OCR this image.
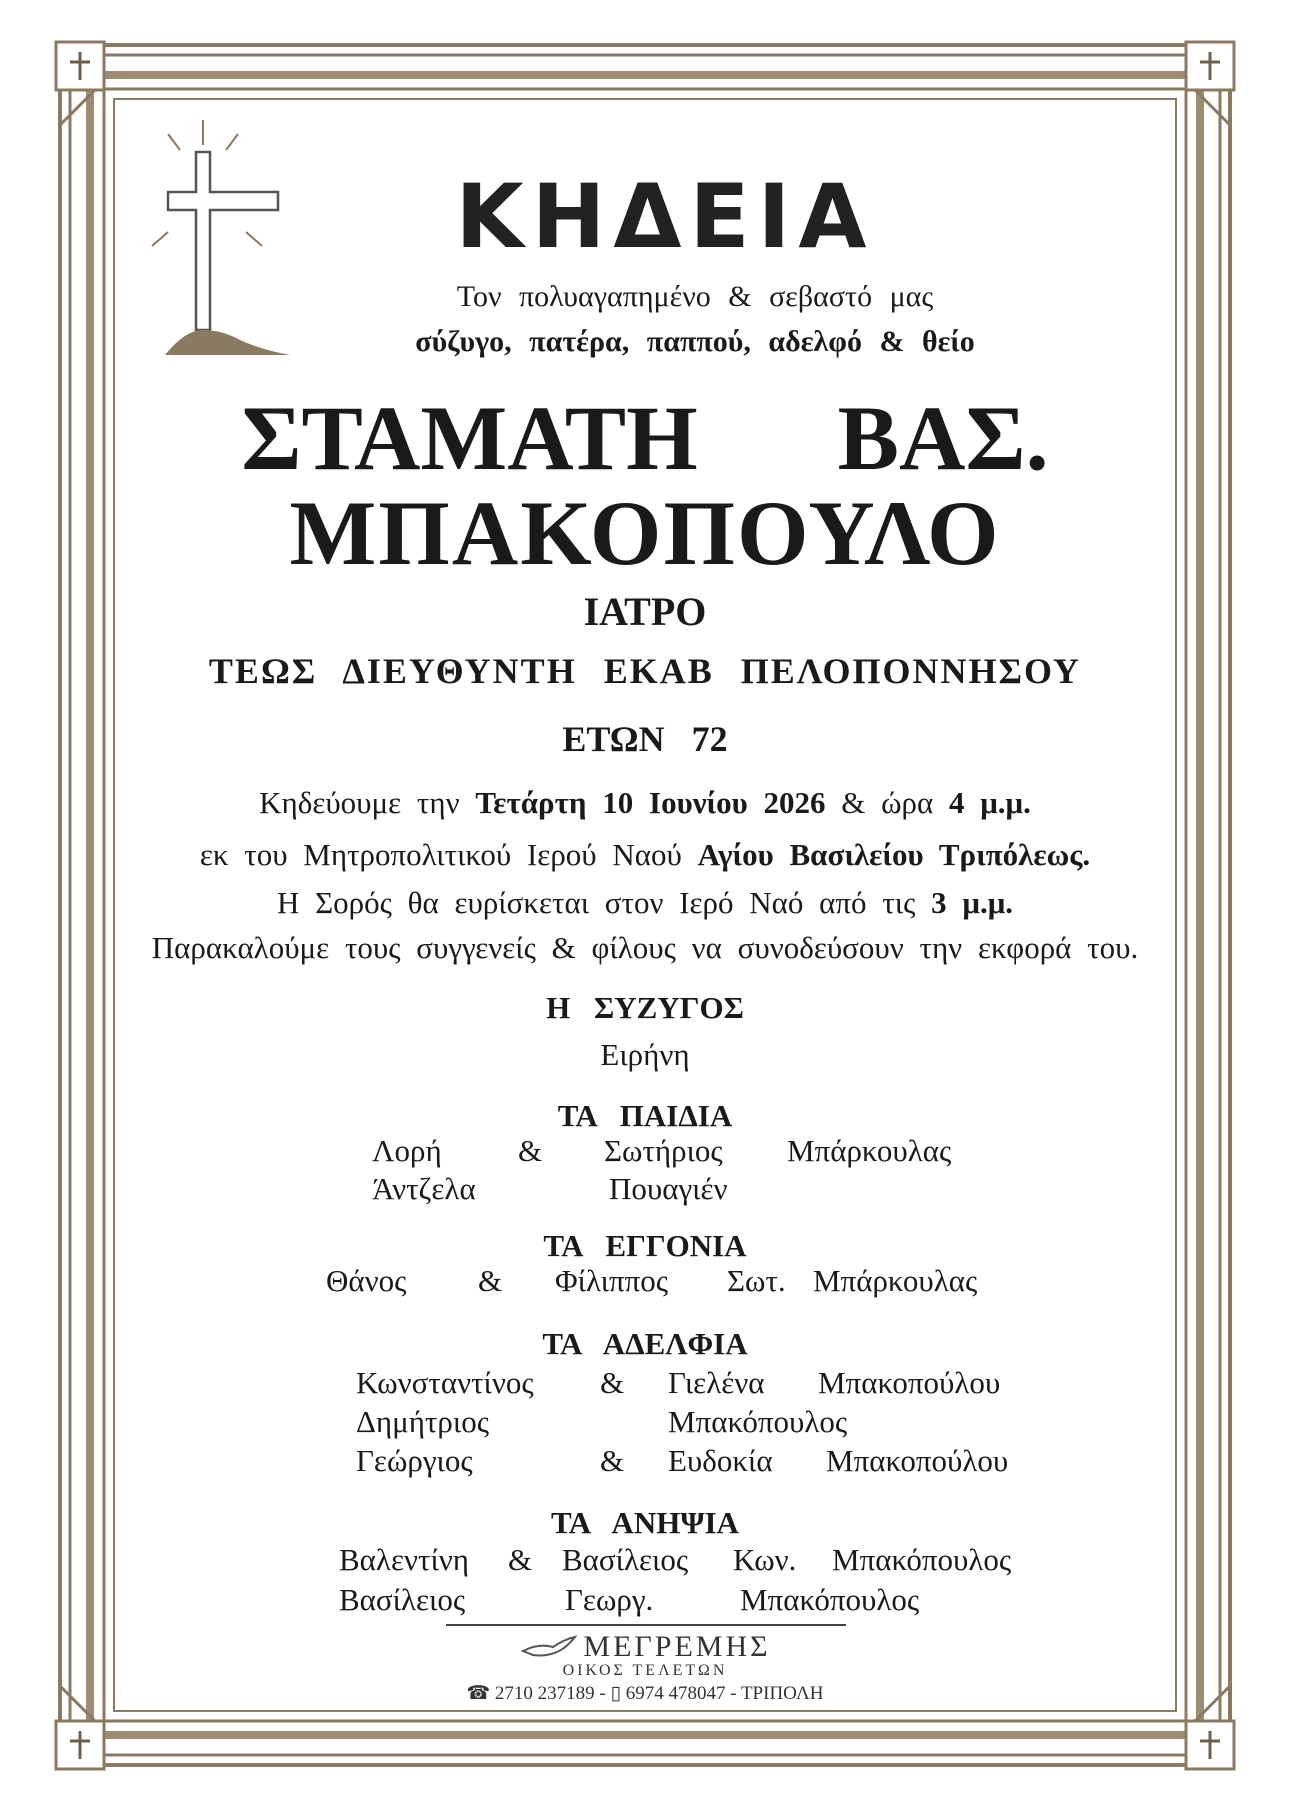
ΚΗΔΕΙΑ
Τον πολυαγαπημένο & σεβαστό μας
σύζυγο, πατέρα, παππού, αδελφό & θείο
ΣΤΑΜΑΤΗ ΒΑΣ.
ΜΠΑΚΟΠΟΥΛΟ
ΙΑΤΡΟ
ΤΕΩΣ ΔΙΕΥΘΥΝΤΗ ΕΚΑΒ ΠΕΛΟΠΟΝΝΗΣΟΥ
ΕΤΩΝ 72
Κηδεύουμε την Τετάρτη 10 Ιουνίου 2026 & ώρα 4 μ.μ.
εκ του Μητροπολιτικού Ιερού Ναού Αγίου Βασιλείου Τριπόλεως.
Η Σορός θα ευρίσκεται στον Ιερό Ναό από τις 3 μ.μ.
Παρακαλούμε τους συγγενείς & φίλους να συνοδεύσουν την εκφορά του.
Η ΣΥΖΥΓΟΣ
Ειρήνη
ΤΑ ΠΑΙΔΙΑ
Λορή & Σωτήριος Μπάρκουλας
Άντζελα	Πουαγιέν
ΤΑ ΕΓΓΟΝΙΑ
Θάνος & Φίλιππος Σωτ. Μπάρκουλας
ΤΑ ΑΔΕΛΦΙΑ
Κωνσταντίνος & Γιελένα Μπακοπούλου
Δημήτριος	Μπακόπουλος
Γεώργιος	& Ευδοκία Μπακοπούλου
ΤΑ ΑΝΗΨΙΑ
Βαλεντίνη & Βασίλειος Κων. Μπακόπουλος
Βασίλειος	Γεωργ.	Μπακόπουλος
ΜΕΓΡΕΜΗΣ
ΟΙΚΟΣ ΤΕΛΕΤΩΝ
☎ 2710 237189 - ▯ 6974 478047 - ΤΡΙΠΟΛΗ
